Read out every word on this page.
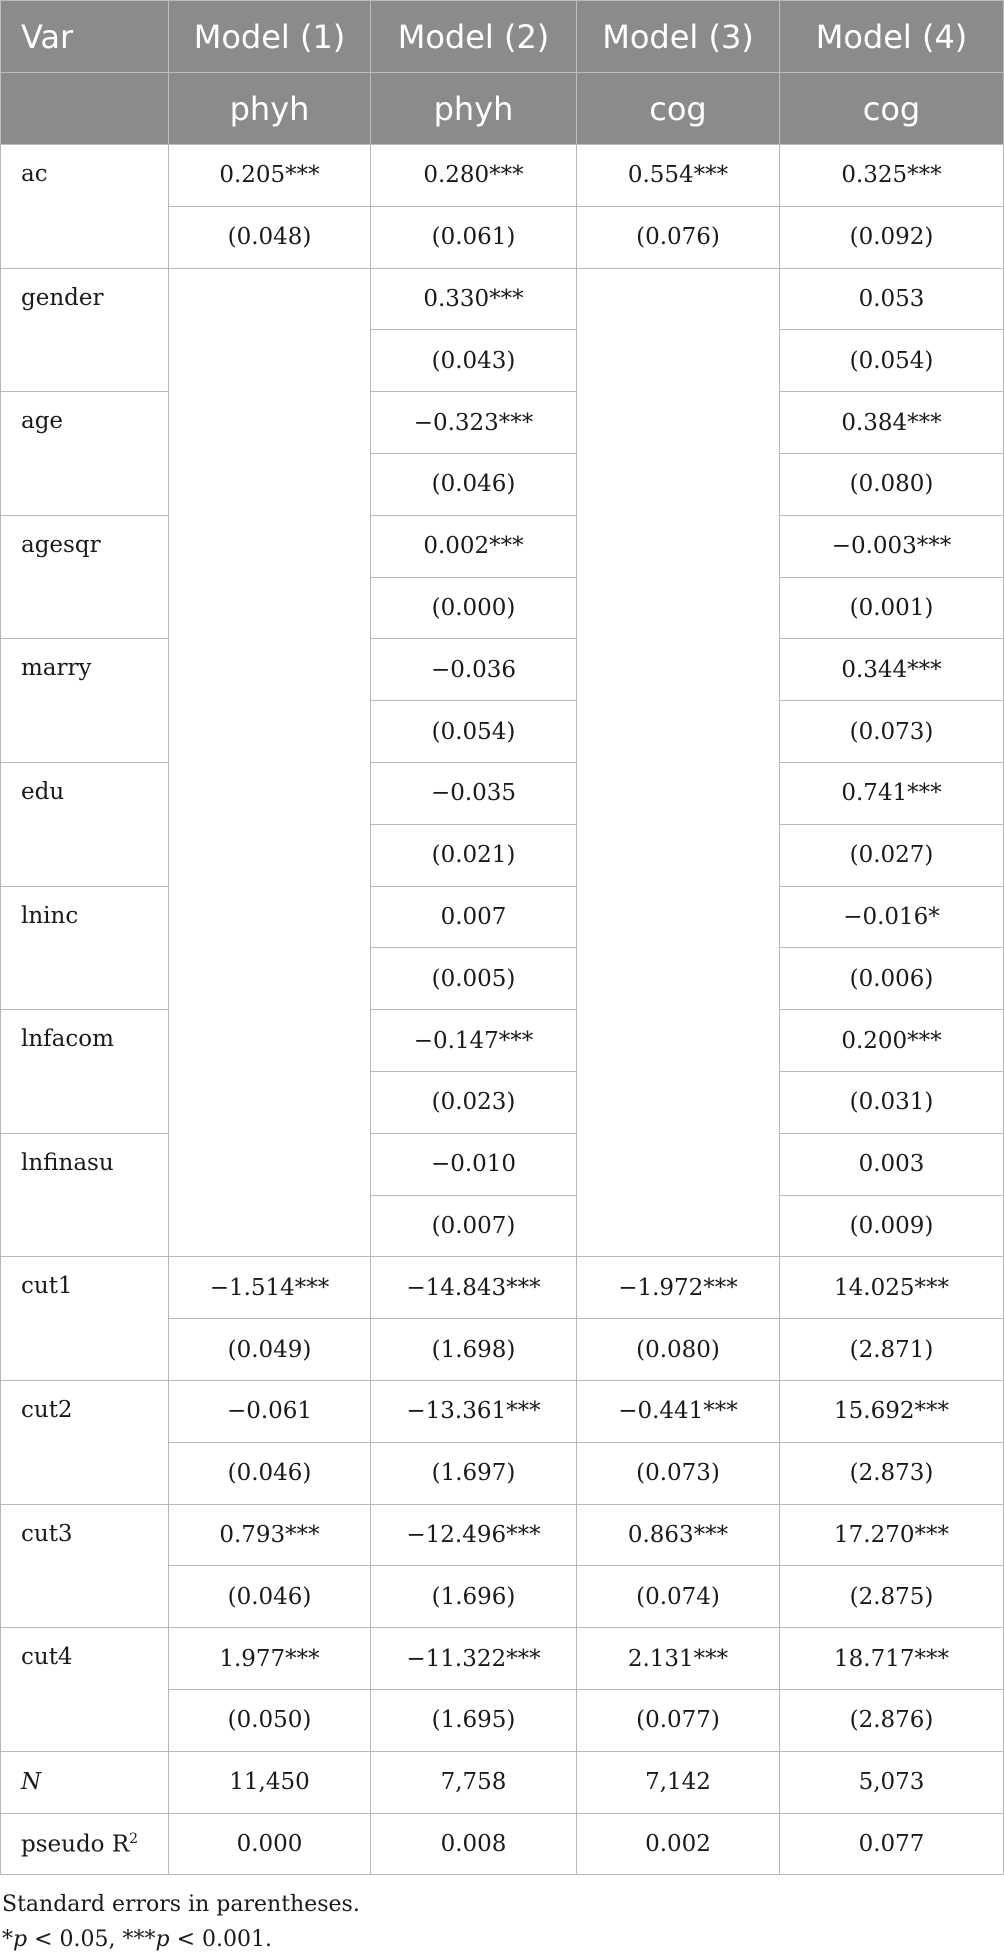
Var	Model (1)	Model (2)	Model (3)	Model (4)
	phyh	phyh	cog	cog
ac	0.205***	0.280***	0.554***	0.325***
	(0.048)	(0.061)	(0.076)	(0.092)
gender		0.330***		0.053
		(0.043)		(0.054)
age		−0.323***		0.384***
		(0.046)		(0.080)
agesqr		0.002***		−0.003***
		(0.000)		(0.001)
marry		−0.036		0.344***
		(0.054)		(0.073)
edu		−0.035		0.741***
		(0.021)		(0.027)
lninc		0.007		−0.016*
		(0.005)		(0.006)
lnfacom		−0.147***		0.200***
		(0.023)		(0.031)
lnfinasu		−0.010		0.003
		(0.007)		(0.009)
cut1	−1.514***	−14.843***	−1.972***	14.025***
	(0.049)	(1.698)	(0.080)	(2.871)
cut2	−0.061	−13.361***	−0.441***	15.692***
	(0.046)	(1.697)	(0.073)	(2.873)
cut3	0.793***	−12.496***	0.863***	17.270***
	(0.046)	(1.696)	(0.074)	(2.875)
cut4	1.977***	−11.322***	2.131***	18.717***
	(0.050)	(1.695)	(0.077)	(2.876)
N	11,450	7,758	7,142	5,073
pseudo $R^2$	0.000	0.008	0.002	0.077
Standard errors in parentheses.
*p < 0.05, ***p < 0.001.
